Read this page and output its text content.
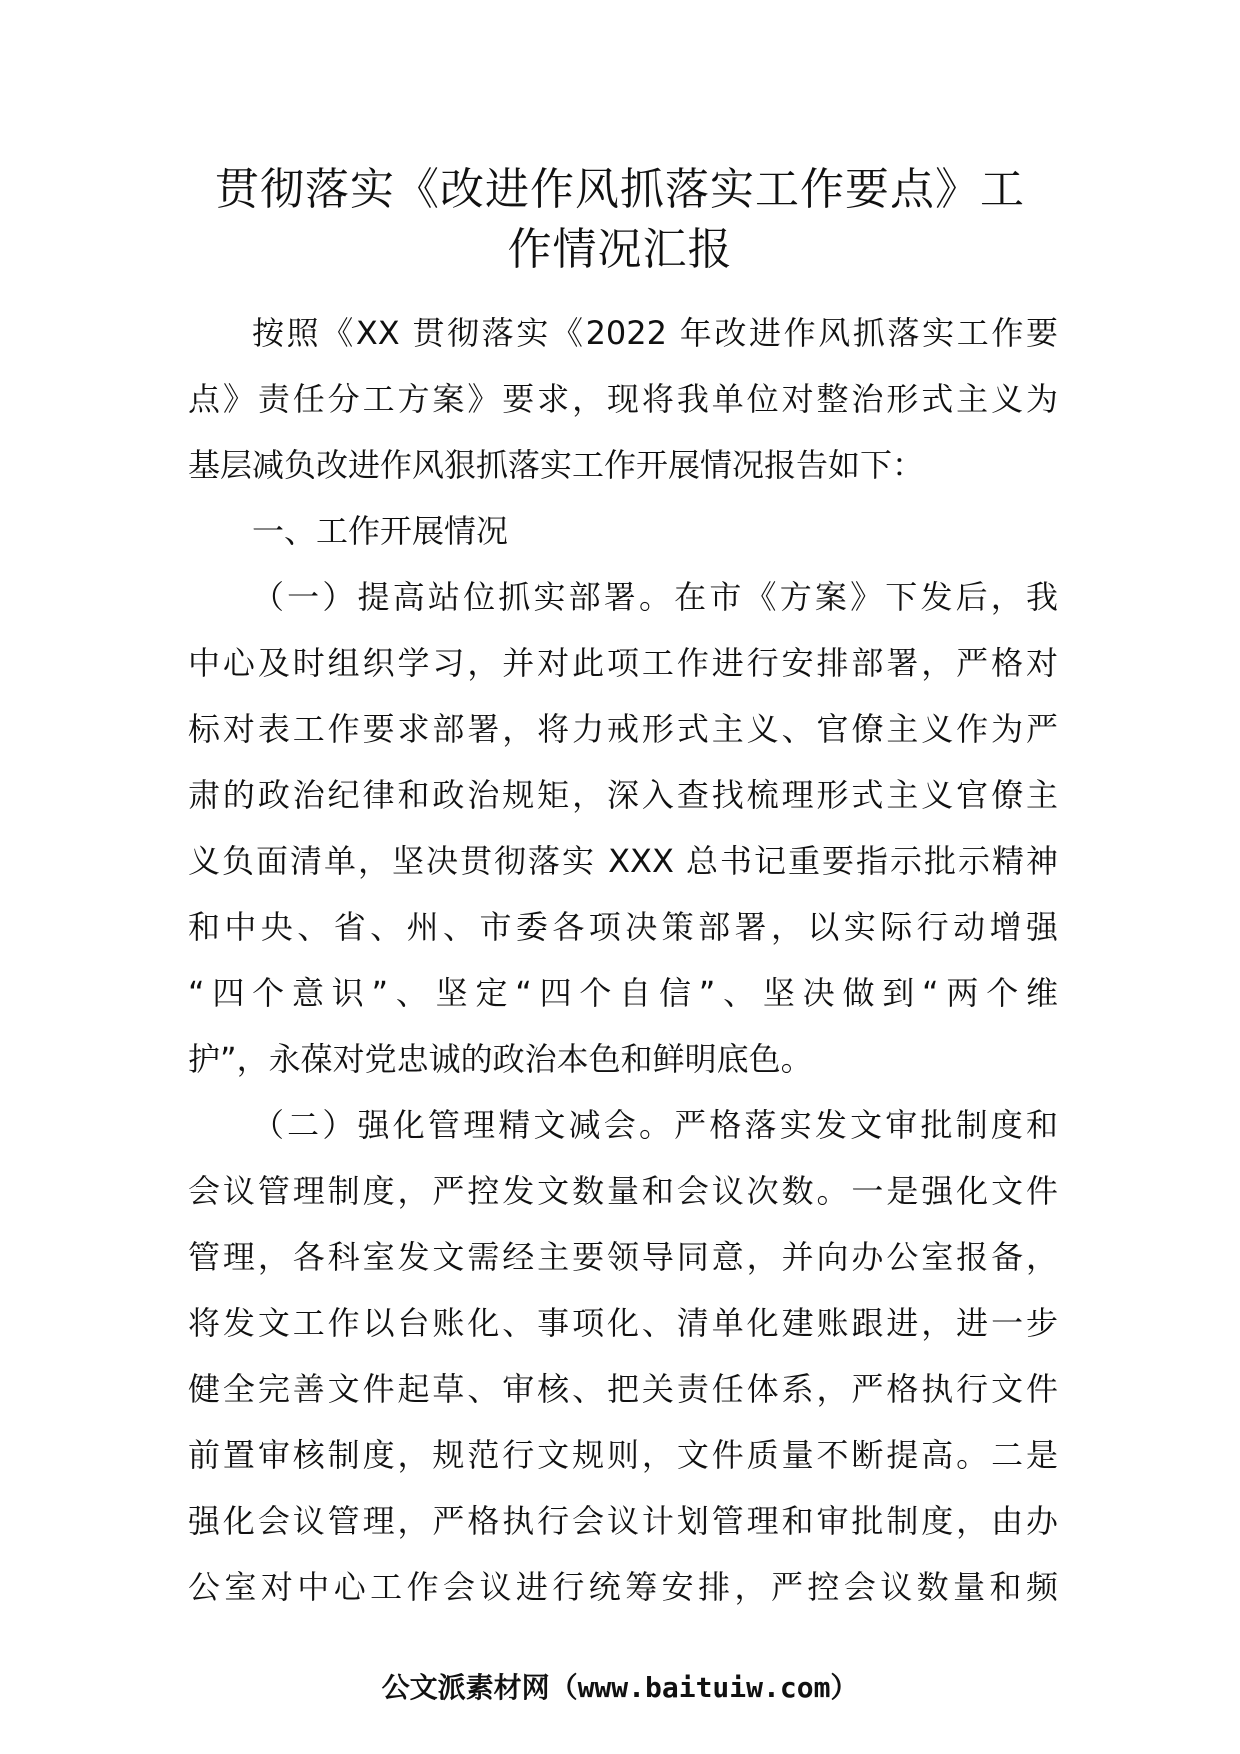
贯彻落实《改进作风抓落实工作要点》工
作情况汇报
按照《XX 贯彻落实《2022 年改进作风抓落实工作要
点》责任分工方案》要求，现将我单位对整治形式主义为
基层减负改进作风狠抓落实工作开展情况报告如下：
一、工作开展情况
（一）提高站位抓实部署。在市《方案》下发后，我
中心及时组织学习，并对此项工作进行安排部署，严格对
标对表工作要求部署，将力戒形式主义、官僚主义作为严
肃的政治纪律和政治规矩，深入查找梳理形式主义官僚主
义负面清单，坚决贯彻落实 XXX 总书记重要指示批示精神
和中央、省、州、市委各项决策部署，以实际行动增强
“四个意识”、坚定“四个自信”、坚决做到“两个维
护”，永葆对党忠诚的政治本色和鲜明底色。
（二）强化管理精文减会。严格落实发文审批制度和
会议管理制度，严控发文数量和会议次数。一是强化文件
管理，各科室发文需经主要领导同意，并向办公室报备，
将发文工作以台账化、事项化、清单化建账跟进，进一步
健全完善文件起草、审核、把关责任体系，严格执行文件
前置审核制度，规范行文规则，文件质量不断提高。二是
强化会议管理，严格执行会议计划管理和审批制度，由办
公室对中心工作会议进行统筹安排，严控会议数量和频
公文派素材网（www.baituiw.com）
